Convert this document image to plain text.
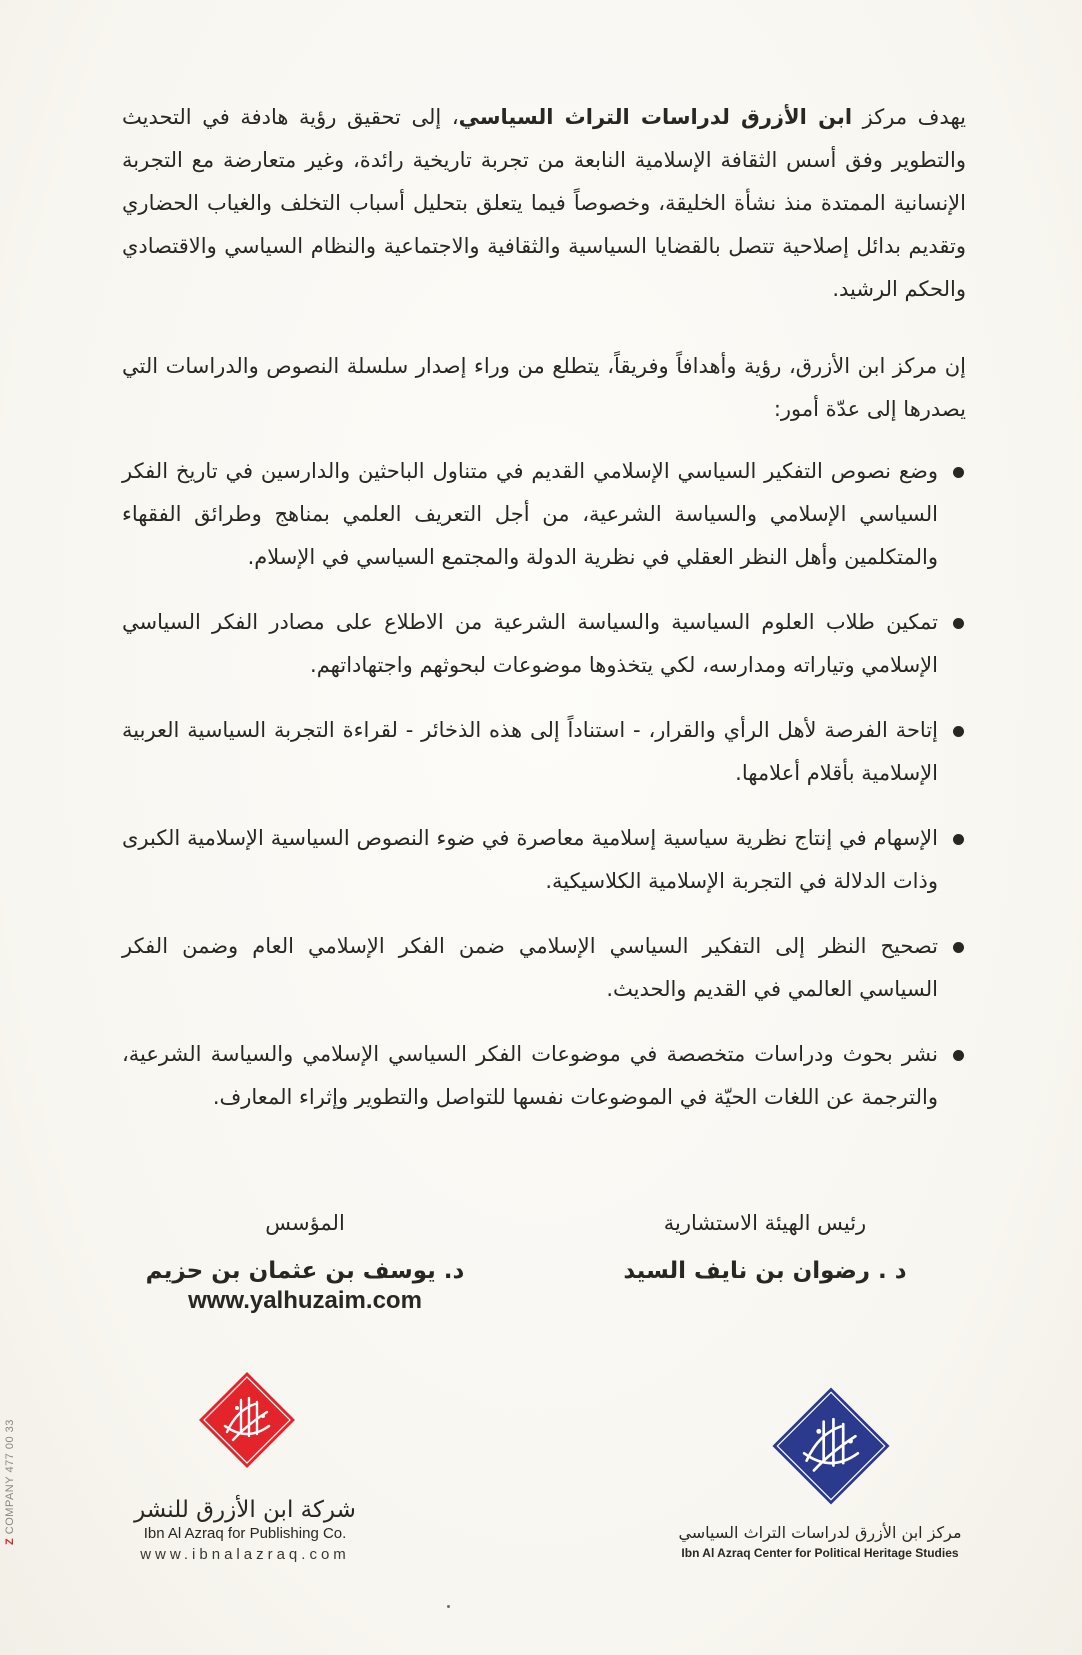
يهدف مركز ابن الأزرق لدراسات التراث السياسي، إلى تحقيق رؤية هادفة في التحديث والتطوير وفق أسس الثقافة الإسلامية النابعة من تجربة تاريخية رائدة، وغير متعارضة مع التجربة الإنسانية الممتدة منذ نشأة الخليقة، وخصوصاً فيما يتعلق بتحليل أسباب التخلف والغياب الحضاري وتقديم بدائل إصلاحية تتصل بالقضايا السياسية والثقافية والاجتماعية والنظام السياسي والاقتصادي والحكم الرشيد.

إن مركز ابن الأزرق، رؤية وأهدافاً وفريقاً، يتطلع من وراء إصدار سلسلة النصوص والدراسات التي يصدرها إلى عدّة أمور:

وضع نصوص التفكير السياسي الإسلامي القديم في متناول الباحثين والدارسين في تاريخ الفكر السياسي الإسلامي والسياسة الشرعية، من أجل التعريف العلمي بمناهج وطرائق الفقهاء والمتكلمين وأهل النظر العقلي في نظرية الدولة والمجتمع السياسي في الإسلام.
تمكين طلاب العلوم السياسية والسياسة الشرعية من الاطلاع على مصادر الفكر السياسي الإسلامي وتياراته ومدارسه، لكي يتخذوها موضوعات لبحوثهم واجتهاداتهم.
إتاحة الفرصة لأهل الرأي والقرار، - استناداً إلى هذه الذخائر - لقراءة التجربة السياسية العربية الإسلامية بأقلام أعلامها.
الإسهام في إنتاج نظرية سياسية إسلامية معاصرة في ضوء النصوص السياسية الإسلامية الكبرى وذات الدلالة في التجربة الإسلامية الكلاسيكية.
تصحيح النظر إلى التفكير السياسي الإسلامي ضمن الفكر الإسلامي العام وضمن الفكر السياسي العالمي في القديم والحديث.
نشر بحوث ودراسات متخصصة في موضوعات الفكر السياسي الإسلامي والسياسة الشرعية، والترجمة عن اللغات الحيّة في الموضوعات نفسها للتواصل والتطوير وإثراء المعارف.
رئيس الهيئة الاستشارية
د . رضوان بن نايف السيد
المؤسس
د. يوسف بن عثمان بن حزيم
www.yalhuzaim.com
شركة ابن الأزرق للنشر
Ibn Al Azraq for Publishing Co.
www.ibnalazraq.com
مركز ابن الأزرق لدراسات التراث السياسي
Ibn Al Azraq Center for Political Heritage Studies
Z COMPANY 477 00 33
